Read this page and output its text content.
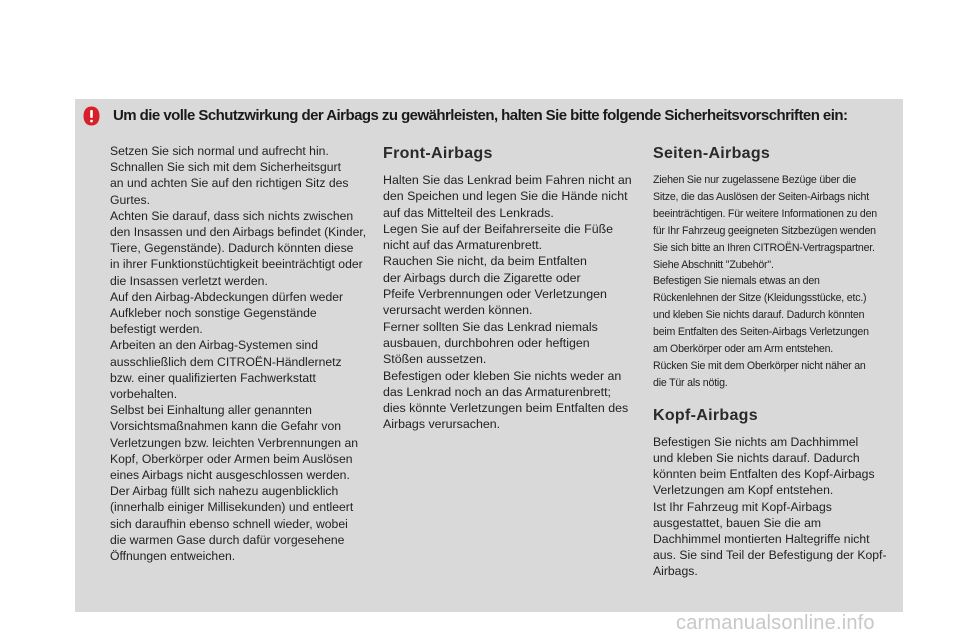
Um die volle Schutzwirkung der Airbags zu gewährleisten, halten Sie bitte folgende Sicherheitsvorschriften ein:

Setzen Sie sich normal und aufrecht hin.

Schnallen Sie sich mit dem Sicherheitsgurt

an und achten Sie auf den richtigen Sitz des

Gurtes.

Achten Sie darauf, dass sich nichts zwischen

den Insassen und den Airbags befindet (Kinder,

Tiere, Gegenstände). Dadurch könnten diese

in ihrer Funktionstüchtigkeit beeinträchtigt oder

die Insassen verletzt werden.

Auf den Airbag-Abdeckungen dürfen weder

Aufkleber noch sonstige Gegenstände

befestigt werden.

Arbeiten an den Airbag-Systemen sind

ausschließlich dem CITROËN-Händlernetz

bzw. einer qualifizierten Fachwerkstatt

vorbehalten.

Selbst bei Einhaltung aller genannten

Vorsichtsmaßnahmen kann die Gefahr von

Verletzungen bzw. leichten Verbrennungen an

Kopf, Oberkörper oder Armen beim Auslösen

eines Airbags nicht ausgeschlossen werden.

Der Airbag füllt sich nahezu augenblicklich

(innerhalb einiger Millisekunden) und entleert

sich daraufhin ebenso schnell wieder, wobei

die warmen Gase durch dafür vorgesehene

Öffnungen entweichen.

Front-Airbags

Halten Sie das Lenkrad beim Fahren nicht an

den Speichen und legen Sie die Hände nicht

auf das Mittelteil des Lenkrads.

Legen Sie auf der Beifahrerseite die Füße

nicht auf das Armaturenbrett.

Rauchen Sie nicht, da beim Entfalten

der Airbags durch die Zigarette oder

Pfeife Verbrennungen oder Verletzungen

verursacht werden können.

Ferner sollten Sie das Lenkrad niemals

ausbauen, durchbohren oder heftigen

Stößen aussetzen.

Befestigen oder kleben Sie nichts weder an

das Lenkrad noch an das Armaturenbrett;

dies könnte Verletzungen beim Entfalten des

Airbags verursachen.

Seiten-Airbags

Ziehen Sie nur zugelassene Bezüge über die

Sitze, die das Auslösen der Seiten-Airbags nicht

beeinträchtigen. Für weitere Informationen zu den

für Ihr Fahrzeug geeigneten Sitzbezügen wenden

Sie sich bitte an Ihren CITROËN-Vertragspartner.

Siehe Abschnitt "Zubehör".

Befestigen Sie niemals etwas an den

Rückenlehnen der Sitze (Kleidungsstücke, etc.)

und kleben Sie nichts darauf. Dadurch könnten

beim Entfalten des Seiten-Airbags Verletzungen

am Oberkörper oder am Arm entstehen.

Rücken Sie mit dem Oberkörper nicht näher an

die Tür als nötig.

Kopf-Airbags

Befestigen Sie nichts am Dachhimmel

und kleben Sie nichts darauf. Dadurch

könnten beim Entfalten des Kopf-Airbags

Verletzungen am Kopf entstehen.

Ist Ihr Fahrzeug mit Kopf-Airbags

ausgestattet, bauen Sie die am

Dachhimmel montierten Haltegriffe nicht

aus. Sie sind Teil der Befestigung der Kopf-

Airbags.

carmanualsonline.info
